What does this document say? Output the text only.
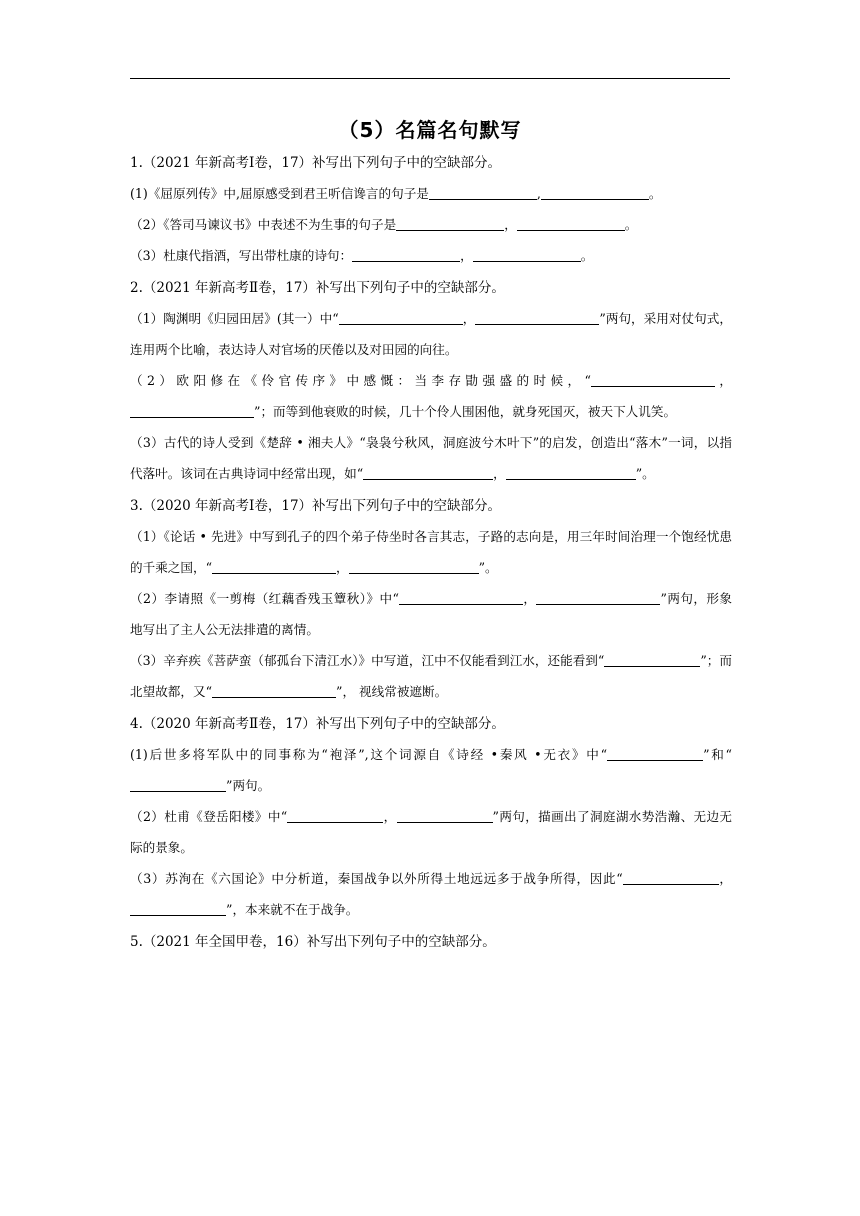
（5）名篇名句默写
1.（2021 年新高考Ⅰ卷，17）补写出下列句子中的空缺部分。
(1)《屈原列传》中,屈原感受到君王听信谗言的句子是	,	。
（2）《答司马谏议书》中表述不为生事的句子是	，	。
（3）杜康代指酒，写出带杜康的诗句：	，	。
2.（2021 年新高考Ⅱ卷，17）补写出下列句子中的空缺部分。
（1）陶渊明《归园田居》(其一）中“	，	”两句，采用对仗句式，连用两个比喻，表达诗人对官场的厌倦以及对田园的向往。
（2）欧阳修在《伶官传序》中感慨：当李存勖强盛的时候，“	，”；而等到他衰败的时候，几十个伶人围困他，就身死国灭，被天下人讥笑。
（3）古代的诗人受到《楚辞 • 湘夫人》“袅袅兮秋风，洞庭波兮木叶下”的启发，创造出“落木”一词，以指代落叶。该词在古典诗词中经常出现，如“	，	”。
3.（2020 年新高考Ⅰ卷，17）补写出下列句子中的空缺部分。
（1）《论话 • 先进》中写到孔子的四个弟子侍坐时各言其志，子路的志向是，用三年时间治理一个饱经忧患的千乘之国，“	，	”。
（2）李请照《一剪梅（红藕香残玉簟秋）》中“	，	”两句，形象地写出了主人公无法排遣的离情。
（3）辛弃疾《菩萨蛮（郁孤台下清江水）》中写道，江中不仅能看到江水，还能看到“	”；而北望故都，又“	”， 视线常被遮断。
4.（2020 年新高考Ⅱ卷，17）补写出下列句子中的空缺部分。
(1)后世多将军队中的同事称为“袍泽”,这个词源自《诗经 •秦风 •无衣》中“	”和“”两句。
（2）杜甫《登岳阳楼》中“	，	”两句，描画出了洞庭湖水势浩瀚、无边无际的景象。
（3）苏洵在《六国论》中分析道，秦国战争以外所得土地远远多于战争所得，因此“	，”，本来就不在于战争。
5.（2021 年全国甲卷，16）补写出下列句子中的空缺部分。
